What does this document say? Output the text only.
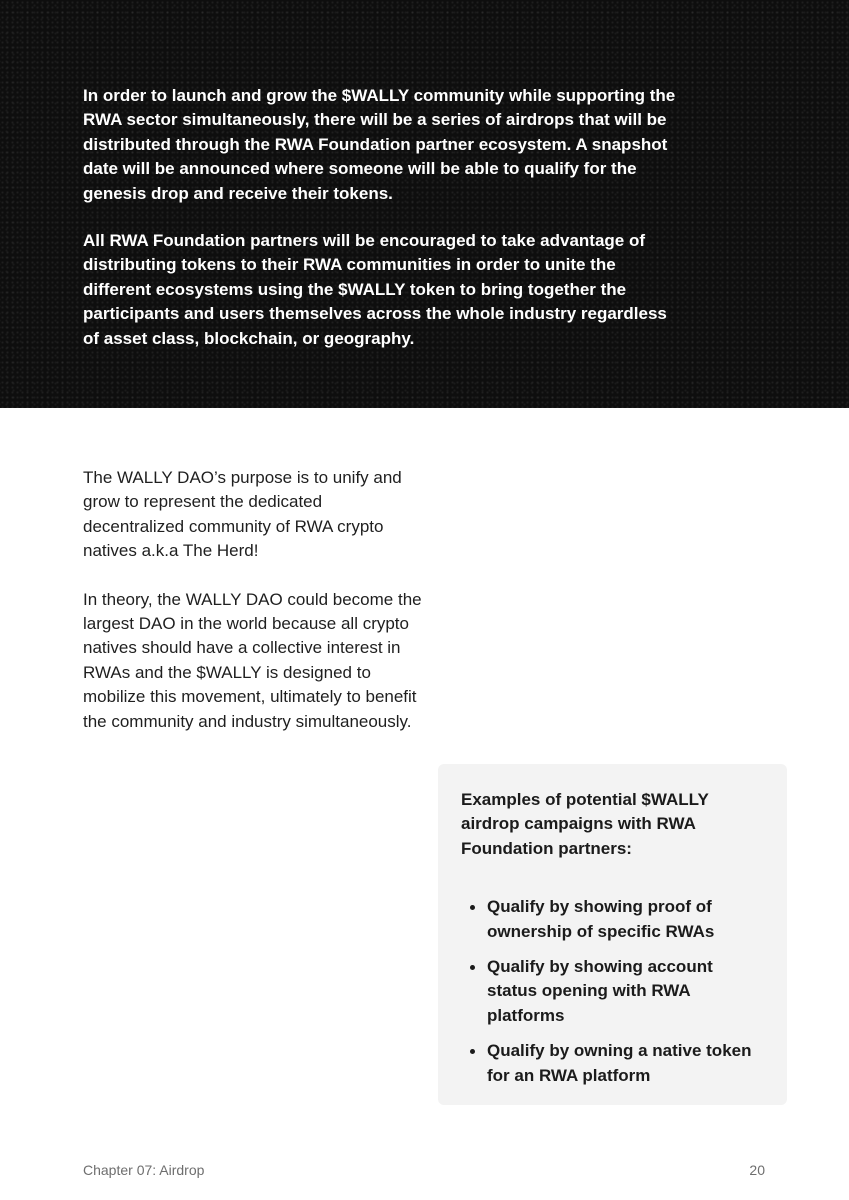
In order to launch and grow the $WALLY community while supporting the RWA sector simultaneously, there will be a series of airdrops that will be distributed through the RWA Foundation partner ecosystem. A snapshot date will be announced where someone will be able to qualify for the genesis drop and receive their tokens.

All RWA Foundation partners will be encouraged to take advantage of distributing tokens to their RWA communities in order to unite the different ecosystems using the $WALLY token to bring together the participants and users themselves across the whole industry regardless of asset class, blockchain, or geography.

The WALLY DAO’s purpose is to unify and grow to represent the dedicated decentralized community of RWA crypto natives a.k.a The Herd!

In theory, the WALLY DAO could become the largest DAO in the world because all crypto natives should have a collective interest in RWAs and the $WALLY is designed to mobilize this movement, ultimately to benefit the community and industry simultaneously.

Examples of potential $WALLY airdrop campaigns with RWA Foundation partners:

Qualify by showing proof of ownership of specific RWAs
Qualify by showing account status opening with RWA platforms
Qualify by owning a native token for an RWA platform
Chapter 07: Airdrop	20
